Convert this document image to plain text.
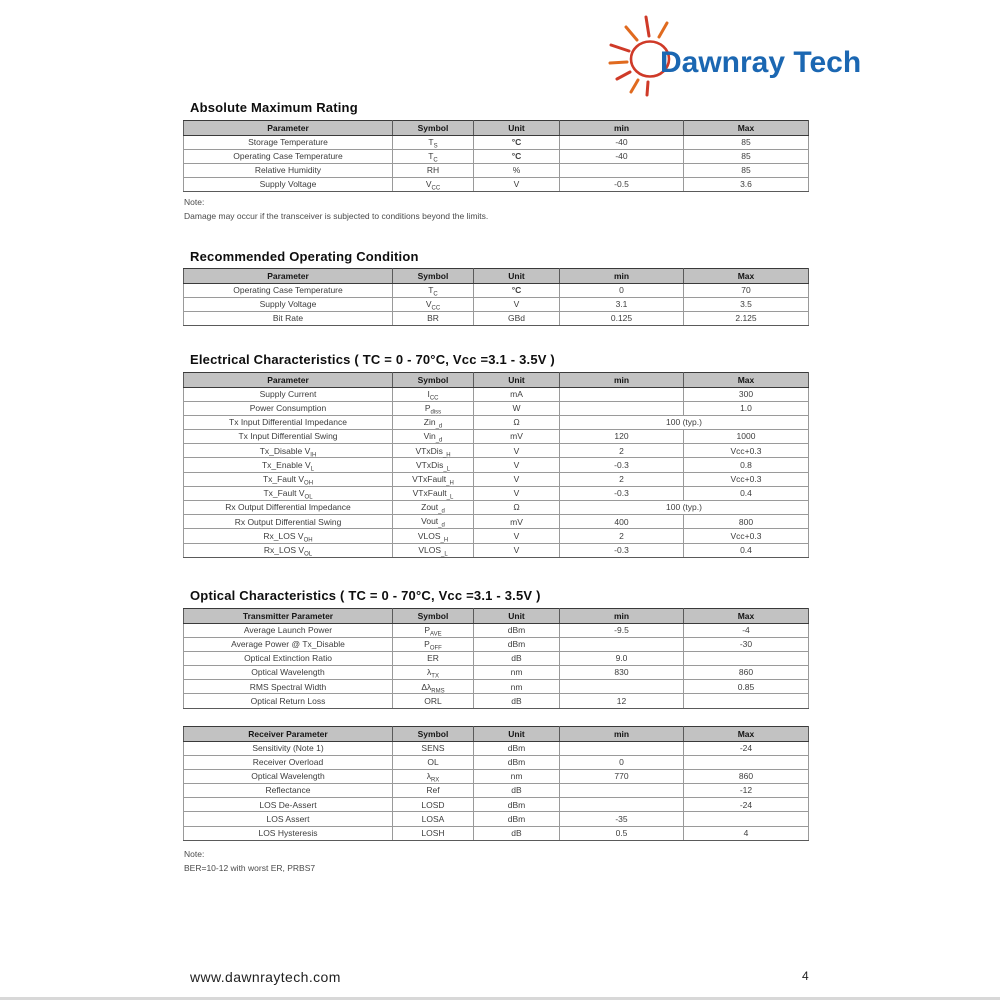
Dawnray Tech
Absolute Maximum Rating
Recommended Operating Condition
Electrical Characteristics ( TC = 0 - 70°C, Vcc =3.1 - 3.5V )
Optical Characteristics ( TC = 0 - 70°C, Vcc =3.1 - 3.5V )
Parameter	Symbol	Unit	min	Max
Storage Temperature	$T_S$	°C	-40	85
Operating Case Temperature	$T_C$	°C	-40	85
Relative Humidity	RH	%		85
Supply Voltage	$V_{CC}$	V	-0.5	3.6
Parameter	Symbol	Unit	min	Max
Operating Case Temperature	$T_C$	°C	0	70
Supply Voltage	$V_{CC}$	V	3.1	3.5
Bit Rate	BR	GBd	0.125	2.125
Parameter	Symbol	Unit	min	Max
Supply Current	$I_{CC}$	mA		300
Power Consumption	$P_{diss}$	W		1.0
Tx Input Differential Impedance	Zin$_{\_d}$	Ω	100 (typ.)	
Tx Input Differential Swing	Vin$_{\_d}$	mV	120	1000
Tx_Disable $V_{IH}$	VTxDis$_{\_H}$	V	2	Vcc+0.3
Tx_Enable $V_L$	VTxDis$_{\_L}$	V	-0.3	0.8
Tx_Fault $V_{OH}$	VTxFault$_{\_H}$	V	2	Vcc+0.3
Tx_Fault $V_{OL}$	VTxFault$_{\_L}$	V	-0.3	0.4
Rx Output Differential Impedance	Zout$_{\_d}$	Ω	100 (typ.)	
Rx Output Differential Swing	Vout$_{\_d}$	mV	400	800
Rx_LOS $V_{OH}$	$VLOS_{\_H}$	V	2	Vcc+0.3
Rx_LOS $V_{OL}$	$VLOS_{\_L}$	V	-0.3	0.4
Transmitter Parameter	Symbol	Unit	min	Max
Average Launch Power	$P_{AVE}$	dBm	-9.5	-4
Average Power @ Tx_Disable	$P_{OFF}$	dBm		-30
Optical Extinction Ratio	ER	dB	9.0	
Optical Wavelength	$\lambda_{TX}$	nm	830	860
RMS Spectral Width	$\Delta\lambda_{RMS}$	nm		0.85
Optical Return Loss	ORL	dB	12	
Receiver Parameter	Symbol	Unit	min	Max
Sensitivity (Note 1)	SENS	dBm		-24
Receiver Overload	OL	dBm	0	
Optical Wavelength	$\lambda_{RX}$	nm	770	860
Reflectance	Ref	dB		-12
LOS De-Assert	LOSD	dBm		-24
LOS Assert	LOSA	dBm	-35	
LOS Hysteresis	LOSH	dB	0.5	4

Note:

Damage may occur if the transceiver is subjected to conditions beyond the limits.

Note:

BER=10-12 with worst ER, PRBS7

www.dawnraytech.com	4
